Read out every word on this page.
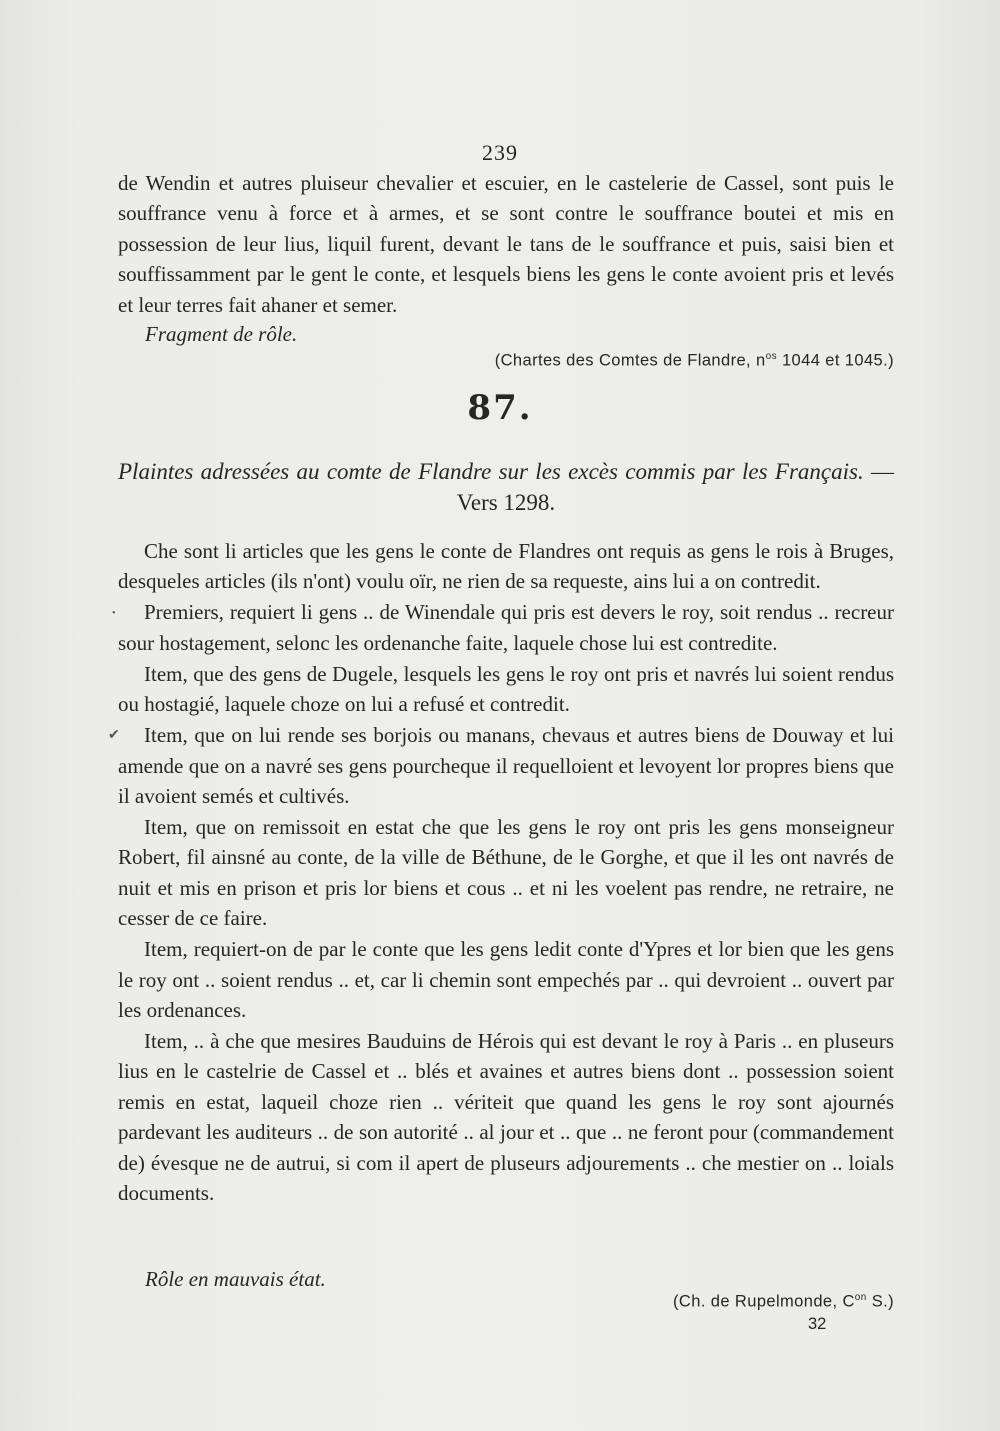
239
de Wendin et autres pluiseur chevalier et escuier, en le castelerie de Cassel, sont puis le souffrance venu à force et à armes, et se sont contre le souffrance boutei et mis en possession de leur lius, liquil furent, devant le tans de le souffrance et puis, saisi bien et souffissamment par le gent le conte, et lesquels biens les gens le conte avoient pris et levés et leur terres fait ahaner et semer.
Fragment de rôle.
(Chartes des Comtes de Flandre, $n^{os}$ 1044 et 1045.)
87.
Plaintes adressées au comte de Flandre sur les excès commis par les Français. — Vers 1298.

Che sont li articles que les gens le conte de Flandres ont requis as gens le rois à Bruges, desqueles articles (ils n'ont) voulu oïr, ne rien de sa requeste, ains lui a on contredit.

Premiers, requiert li gens .. de Winendale qui pris est devers le roy, soit rendus .. recreur sour hostagement, selonc les ordenanche faite, laquele chose lui est contredite.

Item, que des gens de Dugele, lesquels les gens le roy ont pris et navrés lui soient rendus ou hostagié, laquele choze on lui a refusé et contredit.

Item, que on lui rende ses borjois ou manans, chevaus et autres biens de Douway et lui amende que on a navré ses gens pourcheque il requelloient et levoyent lor propres biens que il avoient semés et cultivés.

Item, que on remissoit en estat che que les gens le roy ont pris les gens monseigneur Robert, fil ainsné au conte, de la ville de Béthune, de le Gorghe, et que il les ont navrés de nuit et mis en prison et pris lor biens et cous .. et ni les voelent pas rendre, ne retraire, ne cesser de ce faire.

Item, requiert-on de par le conte que les gens ledit conte d'Ypres et lor bien que les gens le roy ont .. soient rendus .. et, car li chemin sont empechés par .. qui devroient .. ouvert par les ordenances.

Item, .. à che que mesires Bauduins de Hérois qui est devant le roy à Paris .. en pluseurs lius en le castelrie de Cassel et .. blés et avaines et autres biens dont .. possession soient remis en estat, laqueil choze rien .. vériteit que quand les gens le roy sont ajournés pardevant les auditeurs .. de son autorité .. al jour et .. que .. ne feront pour (commandement de) évesque ne de autrui, si com il apert de pluseurs adjourements .. che mestier on .. loials documents.

Rôle en mauvais état.
(Ch. de Rupelmonde, $C^{on}$ S.)
32
✔
•
